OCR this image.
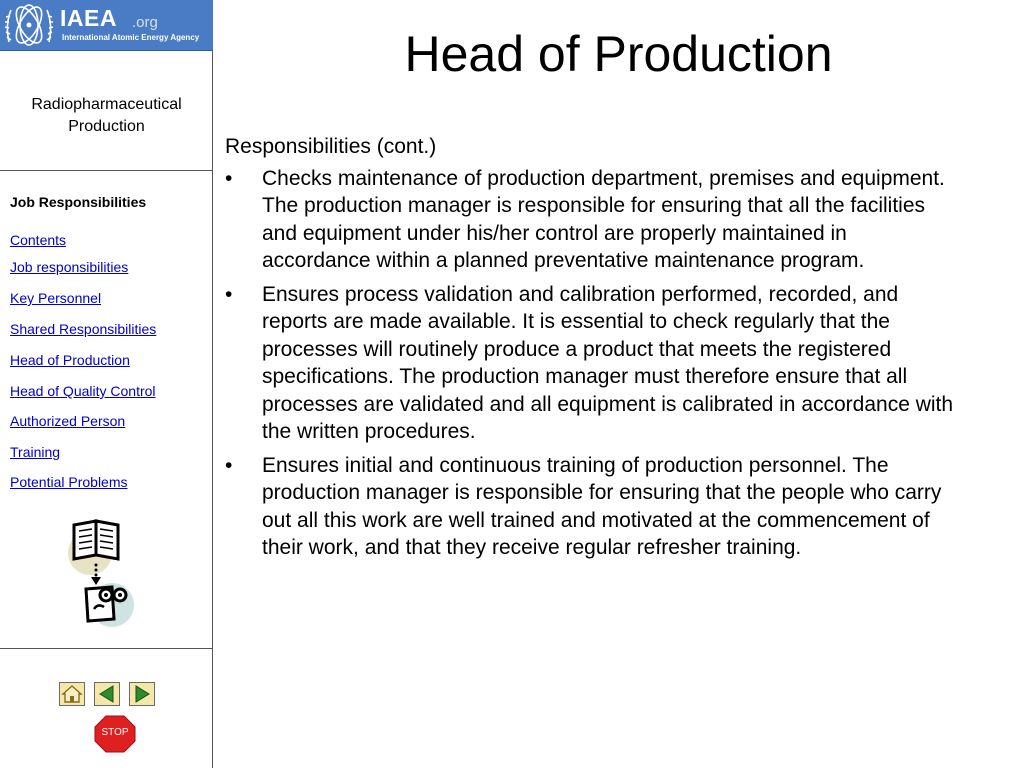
IAEA .org
International Atomic Energy Agency
Radiopharmaceutical
Production
Job Responsibilities
Contents
Job responsibilities
Key Personnel
Shared Responsibilities
Head of Production
Head of Quality Control
Authorized Person
Training
Potential Problems
STOP
Head of Production

Responsibilities (cont.)

• Checks maintenance of production department, premises and equipment. The production manager is responsible for ensuring that all the facilities and equipment under his/her control are properly maintained in accordance within a planned preventative maintenance program.
• Ensures process validation and calibration performed, recorded, and reports are made available. It is essential to check regularly that the processes will routinely produce a product that meets the registered specifications. The production manager must therefore ensure that all processes are validated and all equipment is calibrated in accordance with the written procedures.
• Ensures initial and continuous training of production personnel. The production manager is responsible for ensuring that the people who carry out all this work are well trained and motivated at the commencement of their work, and that they receive regular refresher training.
